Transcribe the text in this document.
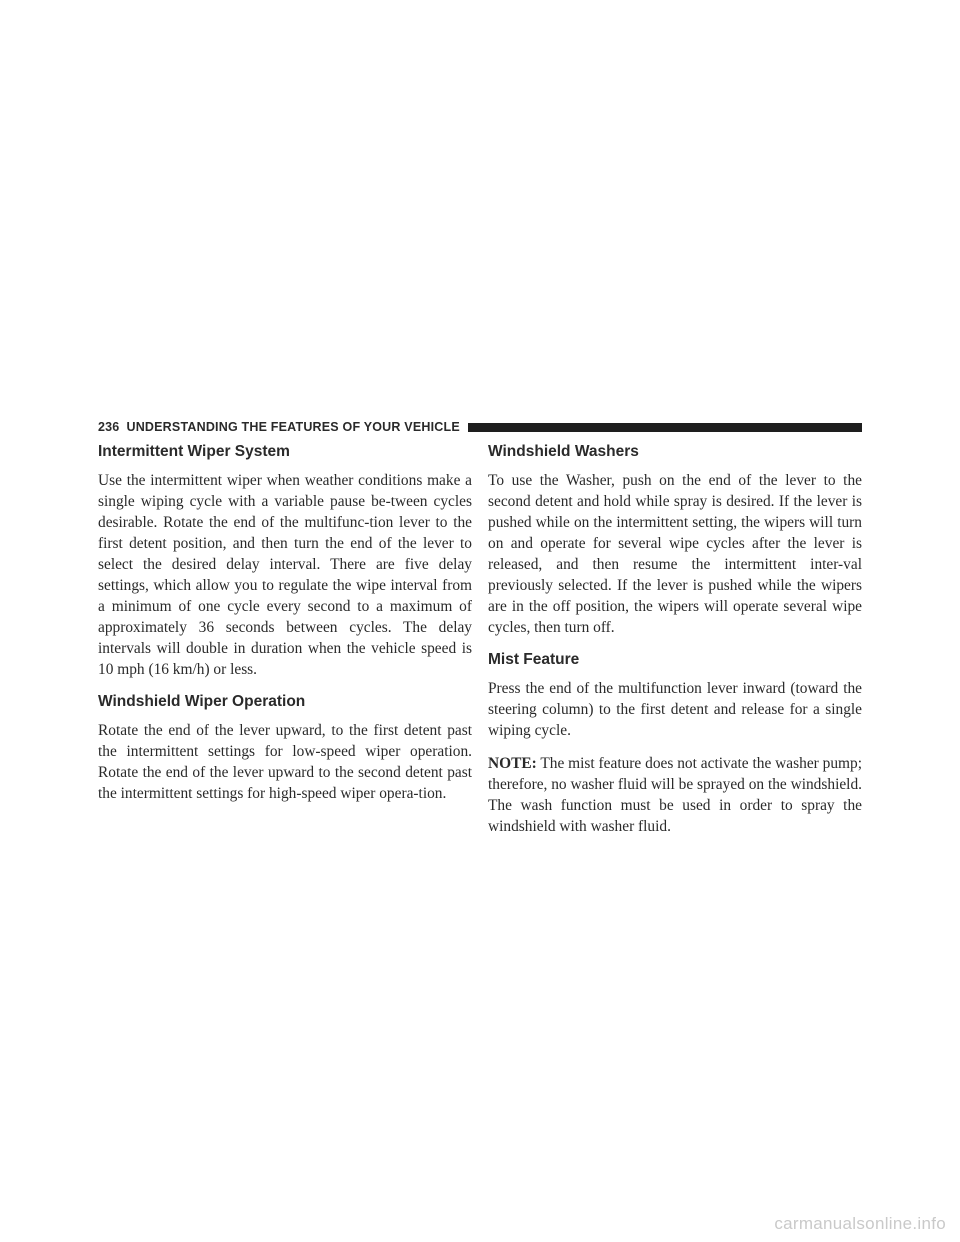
236 UNDERSTANDING THE FEATURES OF YOUR VEHICLE
Intermittent Wiper System

Use the intermittent wiper when weather conditions make a single wiping cycle with a variable pause be-tween cycles desirable. Rotate the end of the multifunc-tion lever to the first detent position, and then turn the end of the lever to select the desired delay interval. There are five delay settings, which allow you to regulate the wipe interval from a minimum of one cycle every second to a maximum of approximately 36 seconds between cycles. The delay intervals will double in duration when the vehicle speed is 10 mph (16 km/h) or less.

Windshield Wiper Operation

Rotate the end of the lever upward, to the first detent past the intermittent settings for low-speed wiper operation. Rotate the end of the lever upward to the second detent past the intermittent settings for high-speed wiper opera-tion.

Windshield Washers

To use the Washer, push on the end of the lever to the second detent and hold while spray is desired. If the lever is pushed while on the intermittent setting, the wipers will turn on and operate for several wipe cycles after the lever is released, and then resume the intermittent inter-val previously selected. If the lever is pushed while the wipers are in the off position, the wipers will operate several wipe cycles, then turn off.

Mist Feature

Press the end of the multifunction lever inward (toward the steering column) to the first detent and release for a single wiping cycle.

NOTE: The mist feature does not activate the washer pump; therefore, no washer fluid will be sprayed on the windshield. The wash function must be used in order to spray the windshield with washer fluid.

carmanualsonline.info
